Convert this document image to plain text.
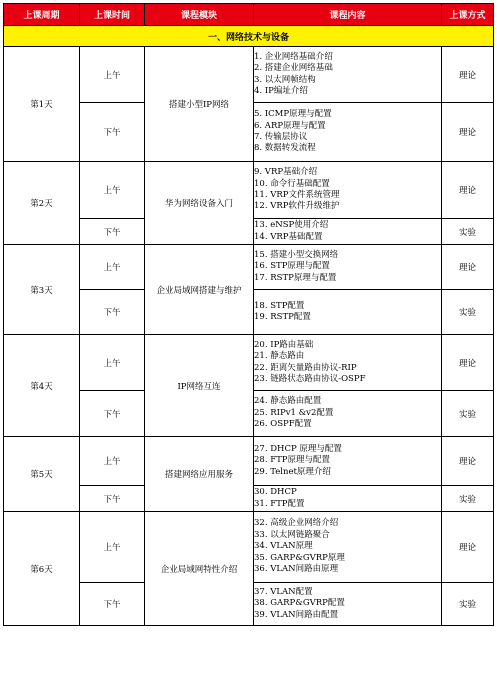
上课周期	上课时间	课程模块	课程内容	上课方式
一、网络技术与设备				
第1天	上午	搭建小型IP网络	1. 企业网络基础介绍
2. 搭建企业网络基础
3. 以太网帧结构
4. IP编址介绍	理论
	下午		5. ICMP原理与配置
6. ARP原理与配置
7. 传输层协议
8. 数据转发流程	理论
第2天	上午	华为网络设备入门	9. VRP基础介绍
10. 命令行基础配置
11. VRP文件系统管理
12. VRP软件升级维护	理论
	下午		13. eNSP使用介绍
14. VRP基础配置	实验
第3天	上午	企业局域网搭建与维护	15. 搭建小型交换网络
16. STP原理与配置
17. RSTP原理与配置	理论
	下午		18. STP配置
19. RSTP配置	实验
第4天	上午	IP网络互连	20. IP路由基础
21. 静态路由
22. 距离矢量路由协议-RIP
23. 链路状态路由协议-OSPF	理论
	下午		24. 静态路由配置
25. RIPv1 &v2配置
26. OSPF配置	实验
第5天	上午	搭建网络应用服务	27. DHCP 原理与配置
28. FTP原理与配置
29. Telnet原理介绍	理论
	下午		30. DHCP
31. FTP配置	实验
第6天	上午	企业局域网特性介绍	32. 高级企业网络介绍
33. 以太网链路聚合
34. VLAN原理
35. GARP&GVRP原理
36. VLAN间路由原理	理论
	下午		37. VLAN配置
38. GARP&GVRP配置
39. VLAN间路由配置	实验
